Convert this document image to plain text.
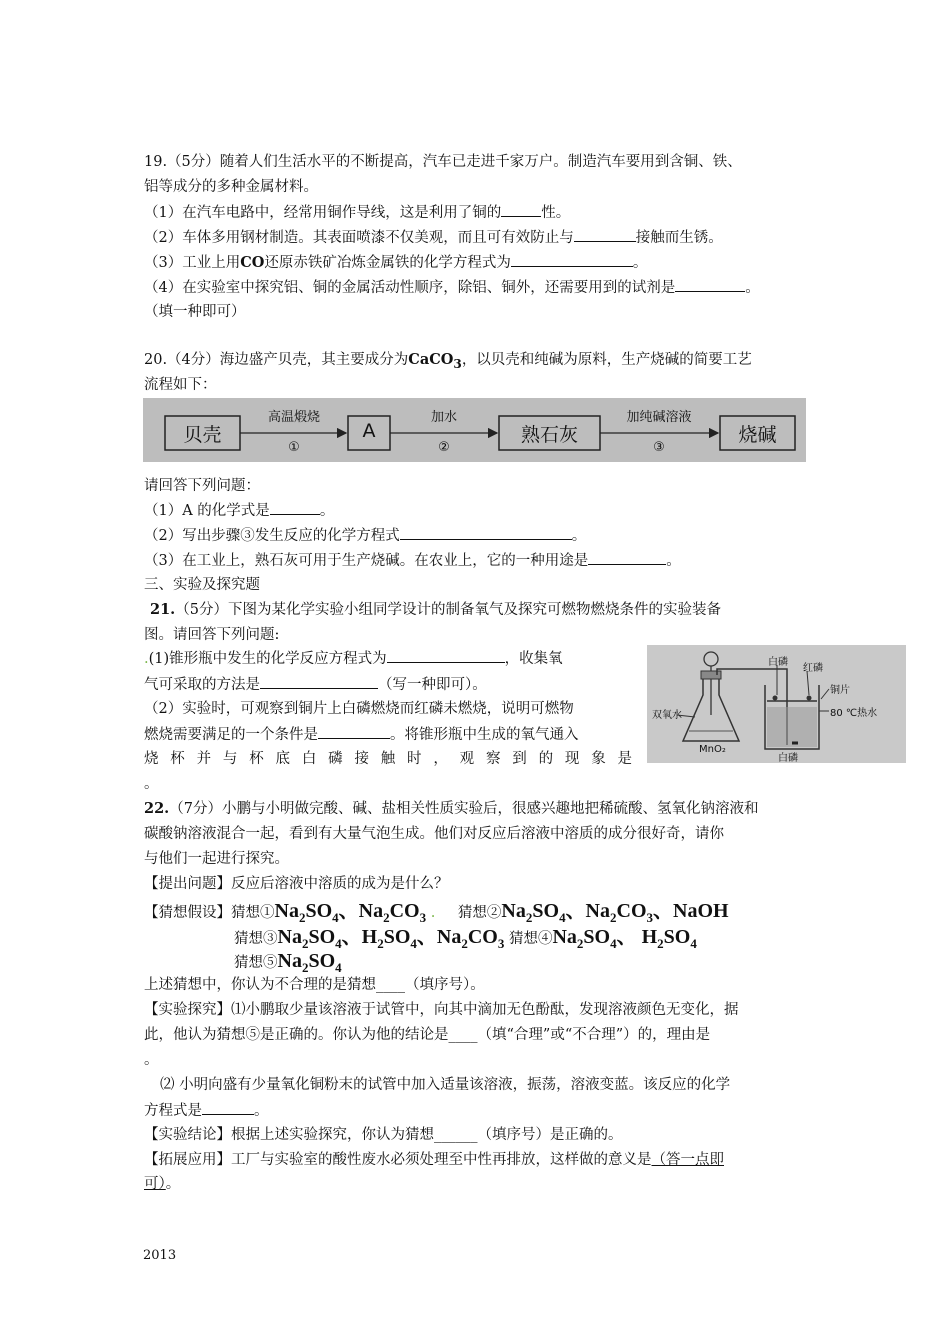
19.（5分）随着人们生活水平的不断提高，汽车已走进千家万户。制造汽车要用到含铜、铁、
铝等成分的多种金属材料。
（1）在汽车电路中，经常用铜作导线，这是利用了铜的	性。
（2）车体多用钢材制造。其表面喷漆不仅美观，而且可有效防止与	接触而生锈。
（3）工业上用CO还原赤铁矿冶炼金属铁的化学方程式为	。
（4）在实验室中探究铝、铜的金属活动性顺序，除铝、铜外，还需要用到的试剂是	。
（填一种即可）
20.（4分）海边盛产贝壳，其主要成分为CaCO$_3$，以贝壳和纯碱为原料，生产烧碱的简要工艺
流程如下：
贝壳
高温煅烧
①
A
加水
②
熟石灰
加纯碱溶液
③
烧碱
请回答下列问题：
（1）A 的化学式是	。
（2）写出步骤③发生反应的化学方程式	。
（3）在工业上，熟石灰可用于生产烧碱。在农业上，它的一种用途是	。
三、实验及探究题
21.（5分）下图为某化学实验小组同学设计的制备氧气及探究可燃物燃烧条件的实验装备
图。请回答下列问题:
.(1)锥形瓶中发生的化学反应方程式为	，收集氧
气可采取的方法是	（写一种即可）。
（2）实验时，可观察到铜片上白磷燃烧而红磷未燃烧，说明可燃物
燃烧需要满足的一个条件是	。将锥形瓶中生成的氧气通入
烧 杯 并 与 杯 底 白 磷 接 触 时 ， 观 察 到 的 现 象 是
。
双氧水
MnO₂
白磷
红磷
铜片
80 ℃热水
白磷
22.（7分）小鹏与小明做完酸、碱、盐相关性质实验后，很感兴趣地把稀硫酸、氢氧化钠溶液和
碳酸钠溶液混合一起，看到有大量气泡生成。他们对反应后溶液中溶质的成分很好奇，请你
与他们一起进行探究。
【提出问题】反应后溶液中溶质的成为是什么？
【猜想假设】猜想$①Na_2SO_4$、$Na_2CO_3$ . 猜想$②Na_2SO_4$、$Na_2CO_3$、NaOH
猜想$③Na_2SO_4$、$H_2SO_4$、$Na_2CO_3$ 猜想$④Na_2SO_4$、 $H_2SO_4$
猜想$⑤Na_2SO_4$
上述猜想中，你认为不合理的是猜想____（填序号）。
【实验探究】⑴小鹏取少量该溶液于试管中，向其中滴加无色酚酞，发现溶液颜色无变化，据
此，他认为猜想⑤是正确的。你认为他的结论是____（填“合理”或“不合理”）的，理由是
。
⑵ 小明向盛有少量氧化铜粉末的试管中加入适量该溶液，振荡，溶液变蓝。该反应的化学
方程式是	。
【实验结论】根据上述实验探究，你认为猜想______（填序号）是正确的。
【拓展应用】工厂与实验室的酸性废水必须处理至中性再排放，这样做的意义是（答一点即
可）。
2013
